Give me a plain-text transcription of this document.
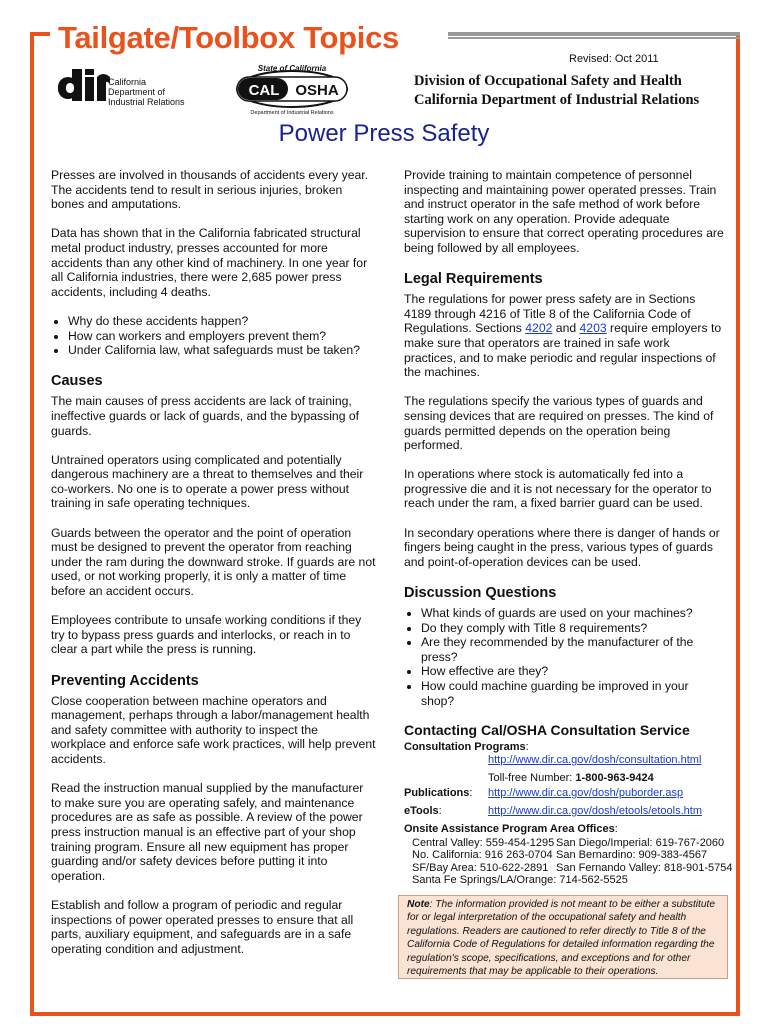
Tailgate/Toolbox Topics
Revised: Oct 2011
Division of Occupational Safety and Health
California Department of Industrial Relations
California
Department of
Industrial Relations
State of California
CAL OSHA
Department of Industrial Relations
Power Press Safety

Presses are involved in thousands of accidents every year. The accidents tend to result in serious injuries, broken bones and amputations.

Data has shown that in the California fabricated structural metal product industry, presses accounted for more accidents than any other kind of machinery. In one year for all California industries, there were 2,685 power press accidents, including 4 deaths.

• Why do these accidents happen?
• How can workers and employers prevent them?
• Under California law, what safeguards must be taken?
Causes

The main causes of press accidents are lack of training, ineffective guards or lack of guards, and the bypassing of guards.

Untrained operators using complicated and potentially dangerous machinery are a threat to themselves and their co-workers. No one is to operate a power press without training in safe operating techniques.

Guards between the operator and the point of operation must be designed to prevent the operator from reaching under the ram during the downward stroke. If guards are not used, or not working properly, it is only a matter of time before an accident occurs.

Employees contribute to unsafe working conditions if they try to bypass press guards and interlocks, or reach in to clear a part while the press is running.

Preventing Accidents

Close cooperation between machine operators and management, perhaps through a labor/management health and safety committee with authority to inspect the workplace and enforce safe work practices, will help prevent accidents.

Read the instruction manual supplied by the manufacturer to make sure you are operating safely, and maintenance procedures are as safe as possible. A review of the power press instruction manual is an effective part of your shop training program. Ensure all new equipment has proper guarding and/or safety devices before putting it into operation.

Establish and follow a program of periodic and regular inspections of power operated presses to ensure that all parts, auxiliary equipment, and safeguards are in a safe operating condition and adjustment.

Provide training to maintain competence of personnel inspecting and maintaining power operated presses. Train and instruct operator in the safe method of work before starting work on any operation. Provide adequate supervision to ensure that correct operating procedures are being followed by all employees.

Legal Requirements

The regulations for power press safety are in Sections 4189 through 4216 of Title 8 of the California Code of Regulations. Sections 4202 and 4203 require employers to make sure that operators are trained in safe work practices, and to make periodic and regular inspections of the machines.

The regulations specify the various types of guards and sensing devices that are required on presses. The kind of guards permitted depends on the operation being performed.

In operations where stock is automatically fed into a progressive die and it is not necessary for the operator to reach under the ram, a fixed barrier guard can be used.

In secondary operations where there is danger of hands or fingers being caught in the press, various types of guards and point-of-operation devices can be used.

Discussion Questions
• What kinds of guards are used on your machines?
• Do they comply with Title 8 requirements?
• Are they recommended by the manufacturer of the press?
• How effective are they?
• How could machine guarding be improved in your shop?
Contacting Cal/OSHA Consultation Service
Consultation Programs:
http://www.dir.ca.gov/dosh/consultation.html
Toll-free Number: 1-800-963-9424
Publications: http://www.dir.ca.gov/dosh/puborder.asp
eTools:	http://www.dir.ca.gov/dosh/etools/etools.htm
Onsite Assistance Program Area Offices:
Central Valley: 559-454-1295 San Diego/Imperial: 619-767-2060
No. California: 916 263-0704 San Bernardino: 909-383-4567
SF/Bay Area: 510-622-2891 San Fernando Valley: 818-901-5754
Santa Fe Springs/LA/Orange: 714-562-5525
Note: The information provided is not meant to be either a substitute for or legal interpretation of the occupational safety and health regulations. Readers are cautioned to refer directly to Title 8 of the California Code of Regulations for detailed information regarding the regulation's scope, specifications, and exceptions and for other requirements that may be applicable to their operations.
